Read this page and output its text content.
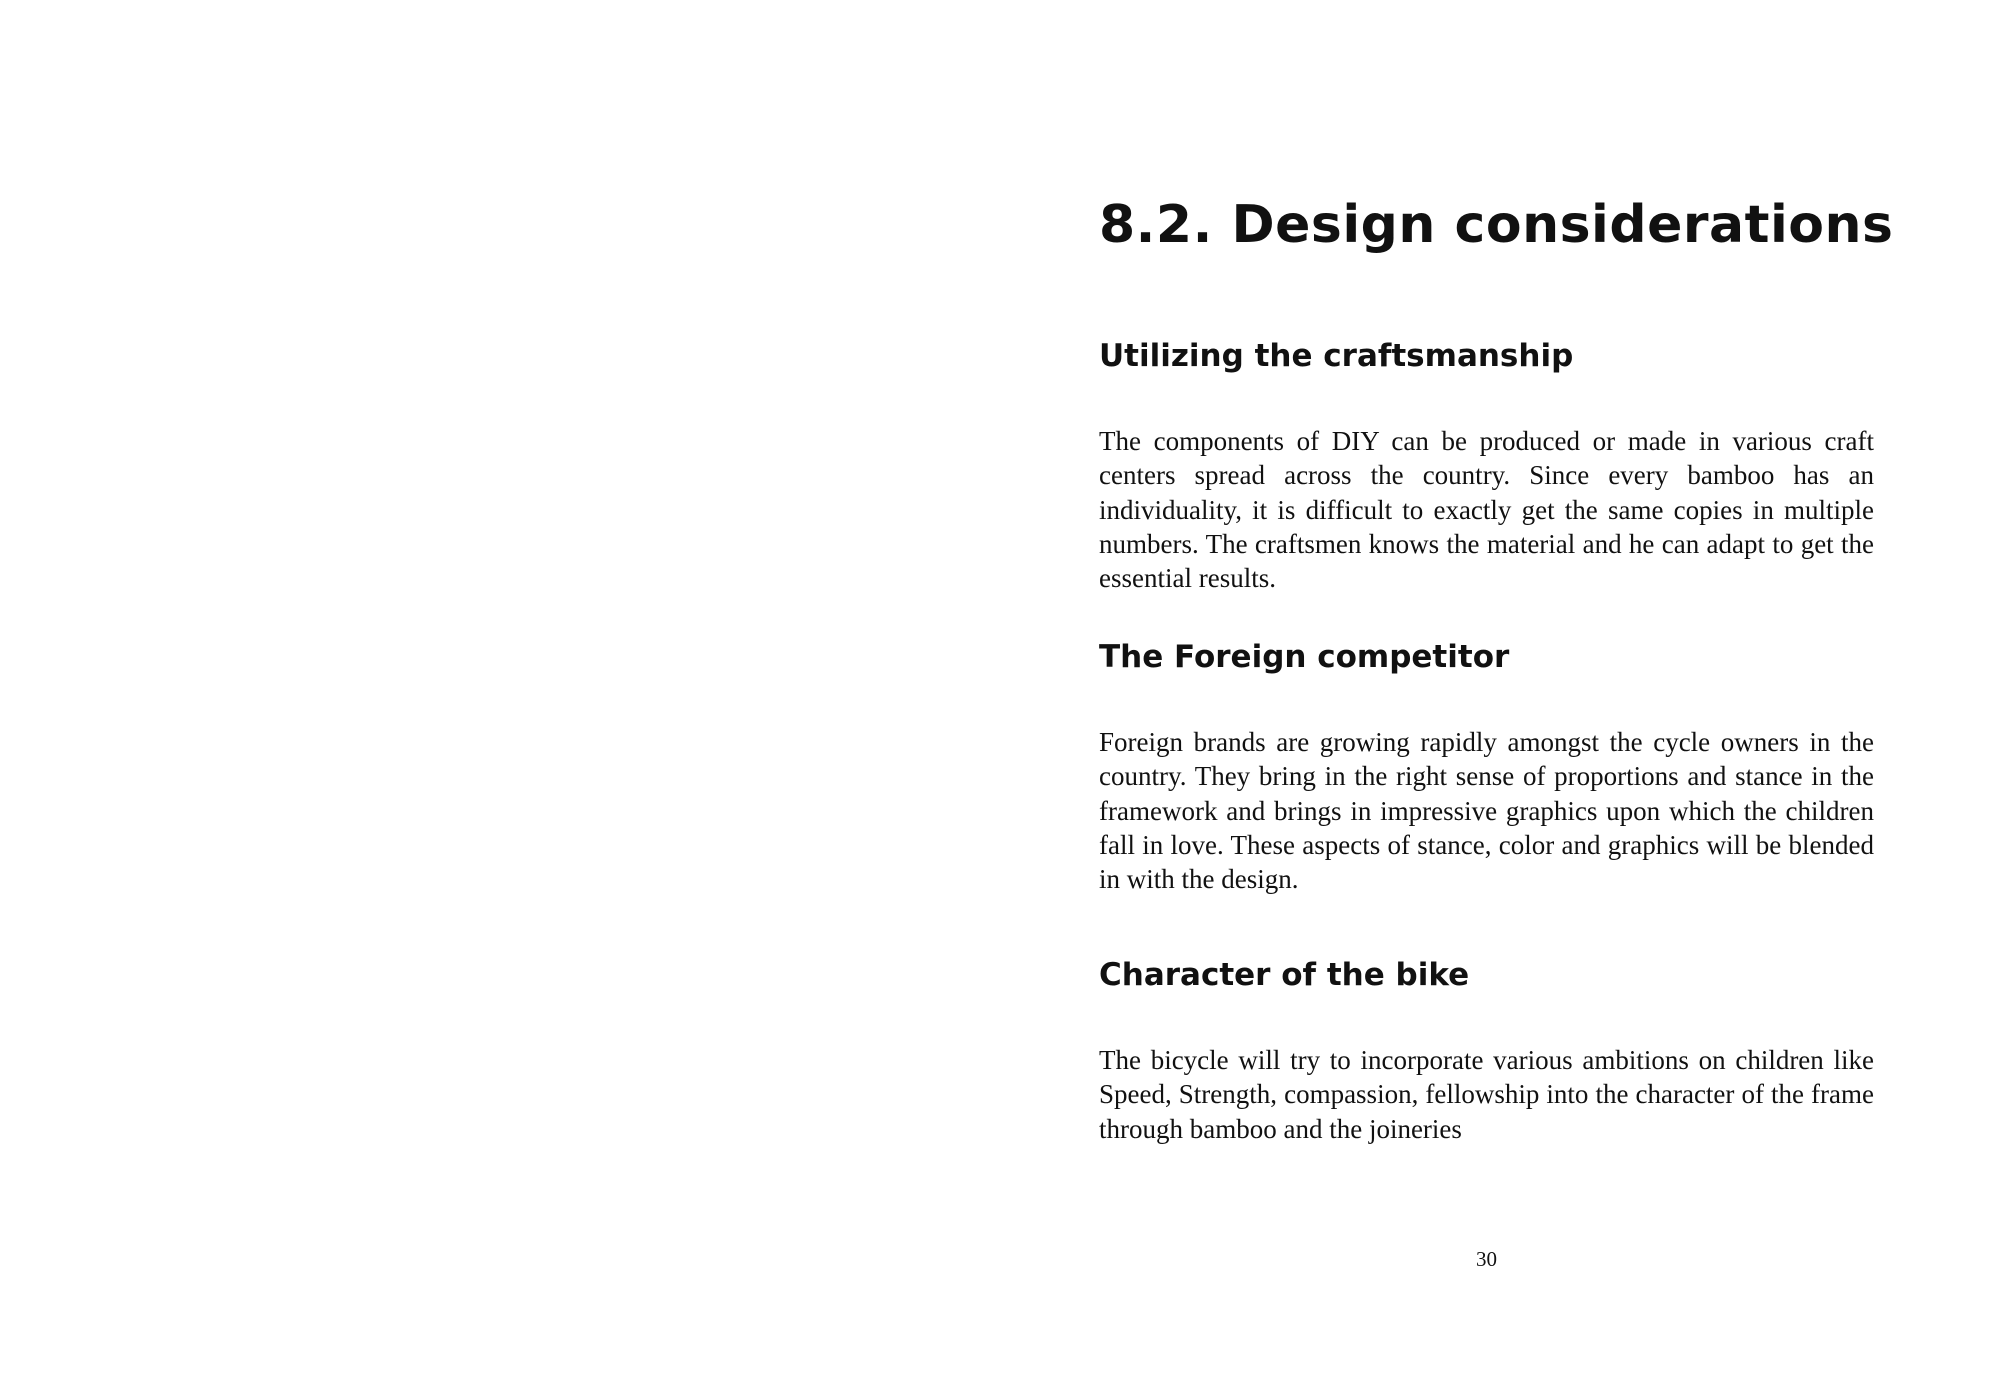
8.2. Design considerations
Utilizing the craftsmanship

The components of DIY can be produced or made in various craft centers spread across the country. Since every bamboo has an individuality, it is difficult to exactly get the same copies in multiple numbers. The craftsmen knows the material and he can adapt to get the essential results.

The Foreign competitor

Foreign brands are growing rapidly amongst the cycle owners in the country. They bring in the right sense of proportions and stance in the framework and brings in impressive graphics upon which the children fall in love. These aspects of stance, color and graphics will be blended in with the design.

Character of the bike

The bicycle will try to incorporate various ambitions on children like Speed, Strength, compassion, fellowship into the character of the frame through bamboo and the joineries

30
